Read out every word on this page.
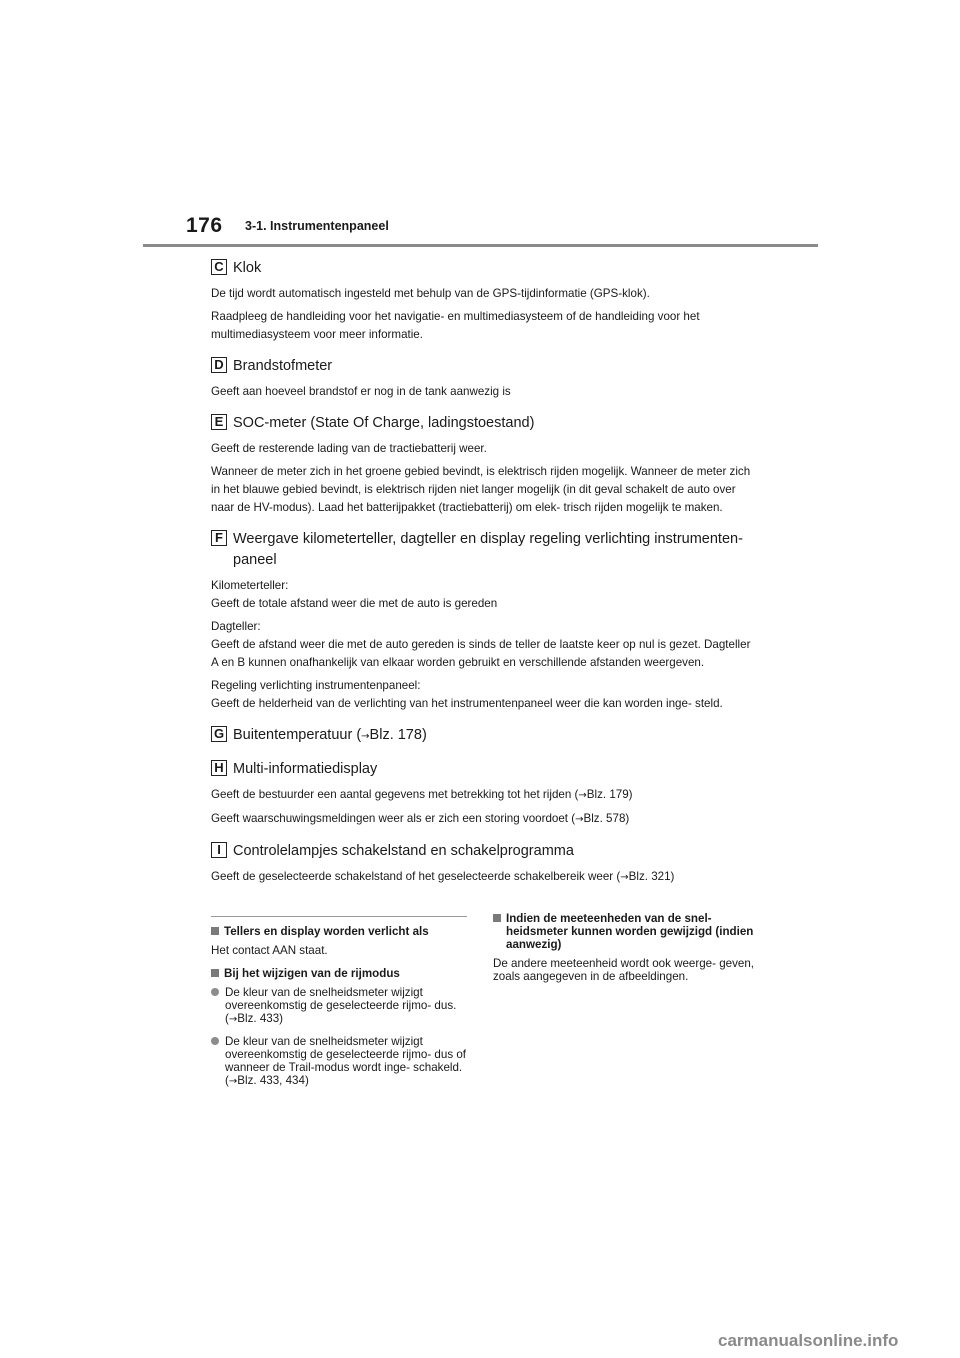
176 3-1. Instrumentenpaneel
C Klok

De tijd wordt automatisch ingesteld met behulp van de GPS-tijdinformatie (GPS-klok).

Raadpleeg de handleiding voor het navigatie- en multimediasysteem of de handleiding voor het multimediasysteem voor meer informatie.

D Brandstofmeter

Geeft aan hoeveel brandstof er nog in de tank aanwezig is

E SOC-meter (State Of Charge, ladingstoestand)

Geeft de resterende lading van de tractiebatterij weer.

Wanneer de meter zich in het groene gebied bevindt, is elektrisch rijden mogelijk. Wanneer de meter zich in het blauwe gebied bevindt, is elektrisch rijden niet langer mogelijk (in dit geval schakelt de auto over naar de HV-modus). Laad het batterijpakket (tractiebatterij) om elek- trisch rijden mogelijk te maken.

F Weergave kilometerteller, dagteller en display regeling verlichting instrumenten- paneel

Kilometerteller:
Geeft de totale afstand weer die met de auto is gereden

Dagteller:
Geeft de afstand weer die met de auto gereden is sinds de teller de laatste keer op nul is gezet. Dagteller A en B kunnen onafhankelijk van elkaar worden gebruikt en verschillende afstanden weergeven.

Regeling verlichting instrumentenpaneel:
Geeft de helderheid van de verlichting van het instrumentenpaneel weer die kan worden inge- steld.

G Buitentemperatuur (→Blz. 178)
H Multi-informatiedisplay

Geeft de bestuurder een aantal gegevens met betrekking tot het rijden (→Blz. 179)

Geeft waarschuwingsmeldingen weer als er zich een storing voordoet (→Blz. 578)

I Controlelampjes schakelstand en schakelprogramma

Geeft de geselecteerde schakelstand of het geselecteerde schakelbereik weer (→Blz. 321)

Tellers en display worden verlicht als

Het contact AAN staat.

Bij het wijzigen van de rijmodus
De kleur van de snelheidsmeter wijzigt overeenkomstig de geselecteerde rijmo- dus. (→Blz. 433)
De kleur van de snelheidsmeter wijzigt overeenkomstig de geselecteerde rijmo- dus of wanneer de Trail-modus wordt inge- schakeld. (→Blz. 433, 434)
Indien de meeteenheden van de snel- heidsmeter kunnen worden gewijzigd (indien aanwezig)

De andere meeteenheid wordt ook weerge- geven, zoals aangegeven in de afbeeldingen.

carmanualsonline.info
